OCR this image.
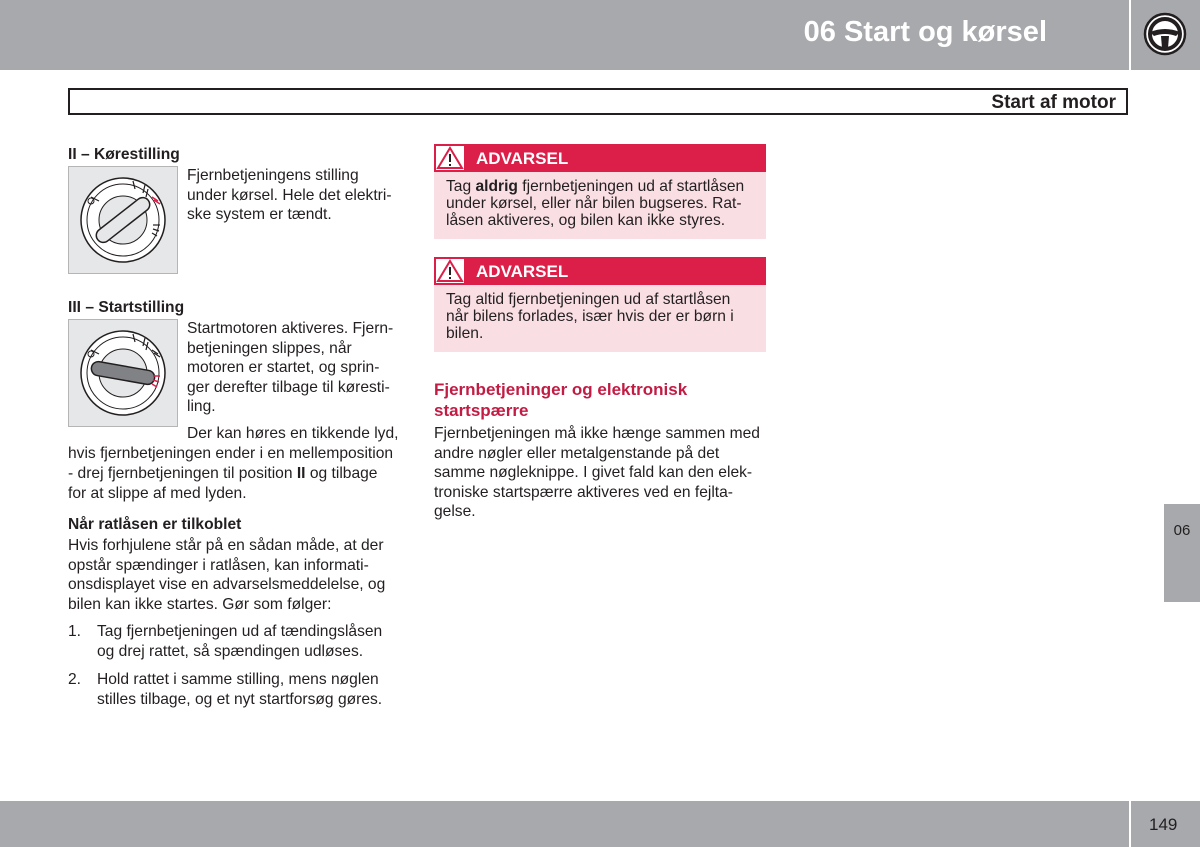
06 Start og kørsel
Start af motor
II – Kørestilling
Fjernbetjeningens stilling
under kørsel. Hele det elektri-
ske system er tændt.
III – Startstilling
Startmotoren aktiveres. Fjern-
betjeningen slippes, når
motoren er startet, og sprin-
ger derefter tilbage til køresti-
ling.
Der kan høres en tikkende lyd,
hvis fjernbetjeningen ender i en mellemposition
- drej fjernbetjeningen til position II og tilbage
for at slippe af med lyden.
Når ratlåsen er tilkoblet
Hvis forhjulene står på en sådan måde, at der
opstår spændinger i ratlåsen, kan informati-
onsdisplayet vise en advarselsmeddelelse, og
bilen kan ikke startes. Gør som følger:
1. Tag fjernbetjeningen ud af tændingslåsen
og drej rattet, så spændingen udløses.
2. Hold rattet i samme stilling, mens nøglen
stilles tilbage, og et nyt startforsøg gøres.
ADVARSEL
Tag aldrig fjernbetjeningen ud af startlåsen
under kørsel, eller når bilen bugseres. Rat-
låsen aktiveres, og bilen kan ikke styres.
ADVARSEL
Tag altid fjernbetjeningen ud af startlåsen
når bilens forlades, især hvis der er børn i
bilen.
Fjernbetjeninger og elektronisk
startspærre
Fjernbetjeningen må ikke hænge sammen med
andre nøgler eller metalgenstande på det
samme nøgleknippe. I givet fald kan den elek-
troniske startspærre aktiveres ved en fejlta-
gelse.
06
149
